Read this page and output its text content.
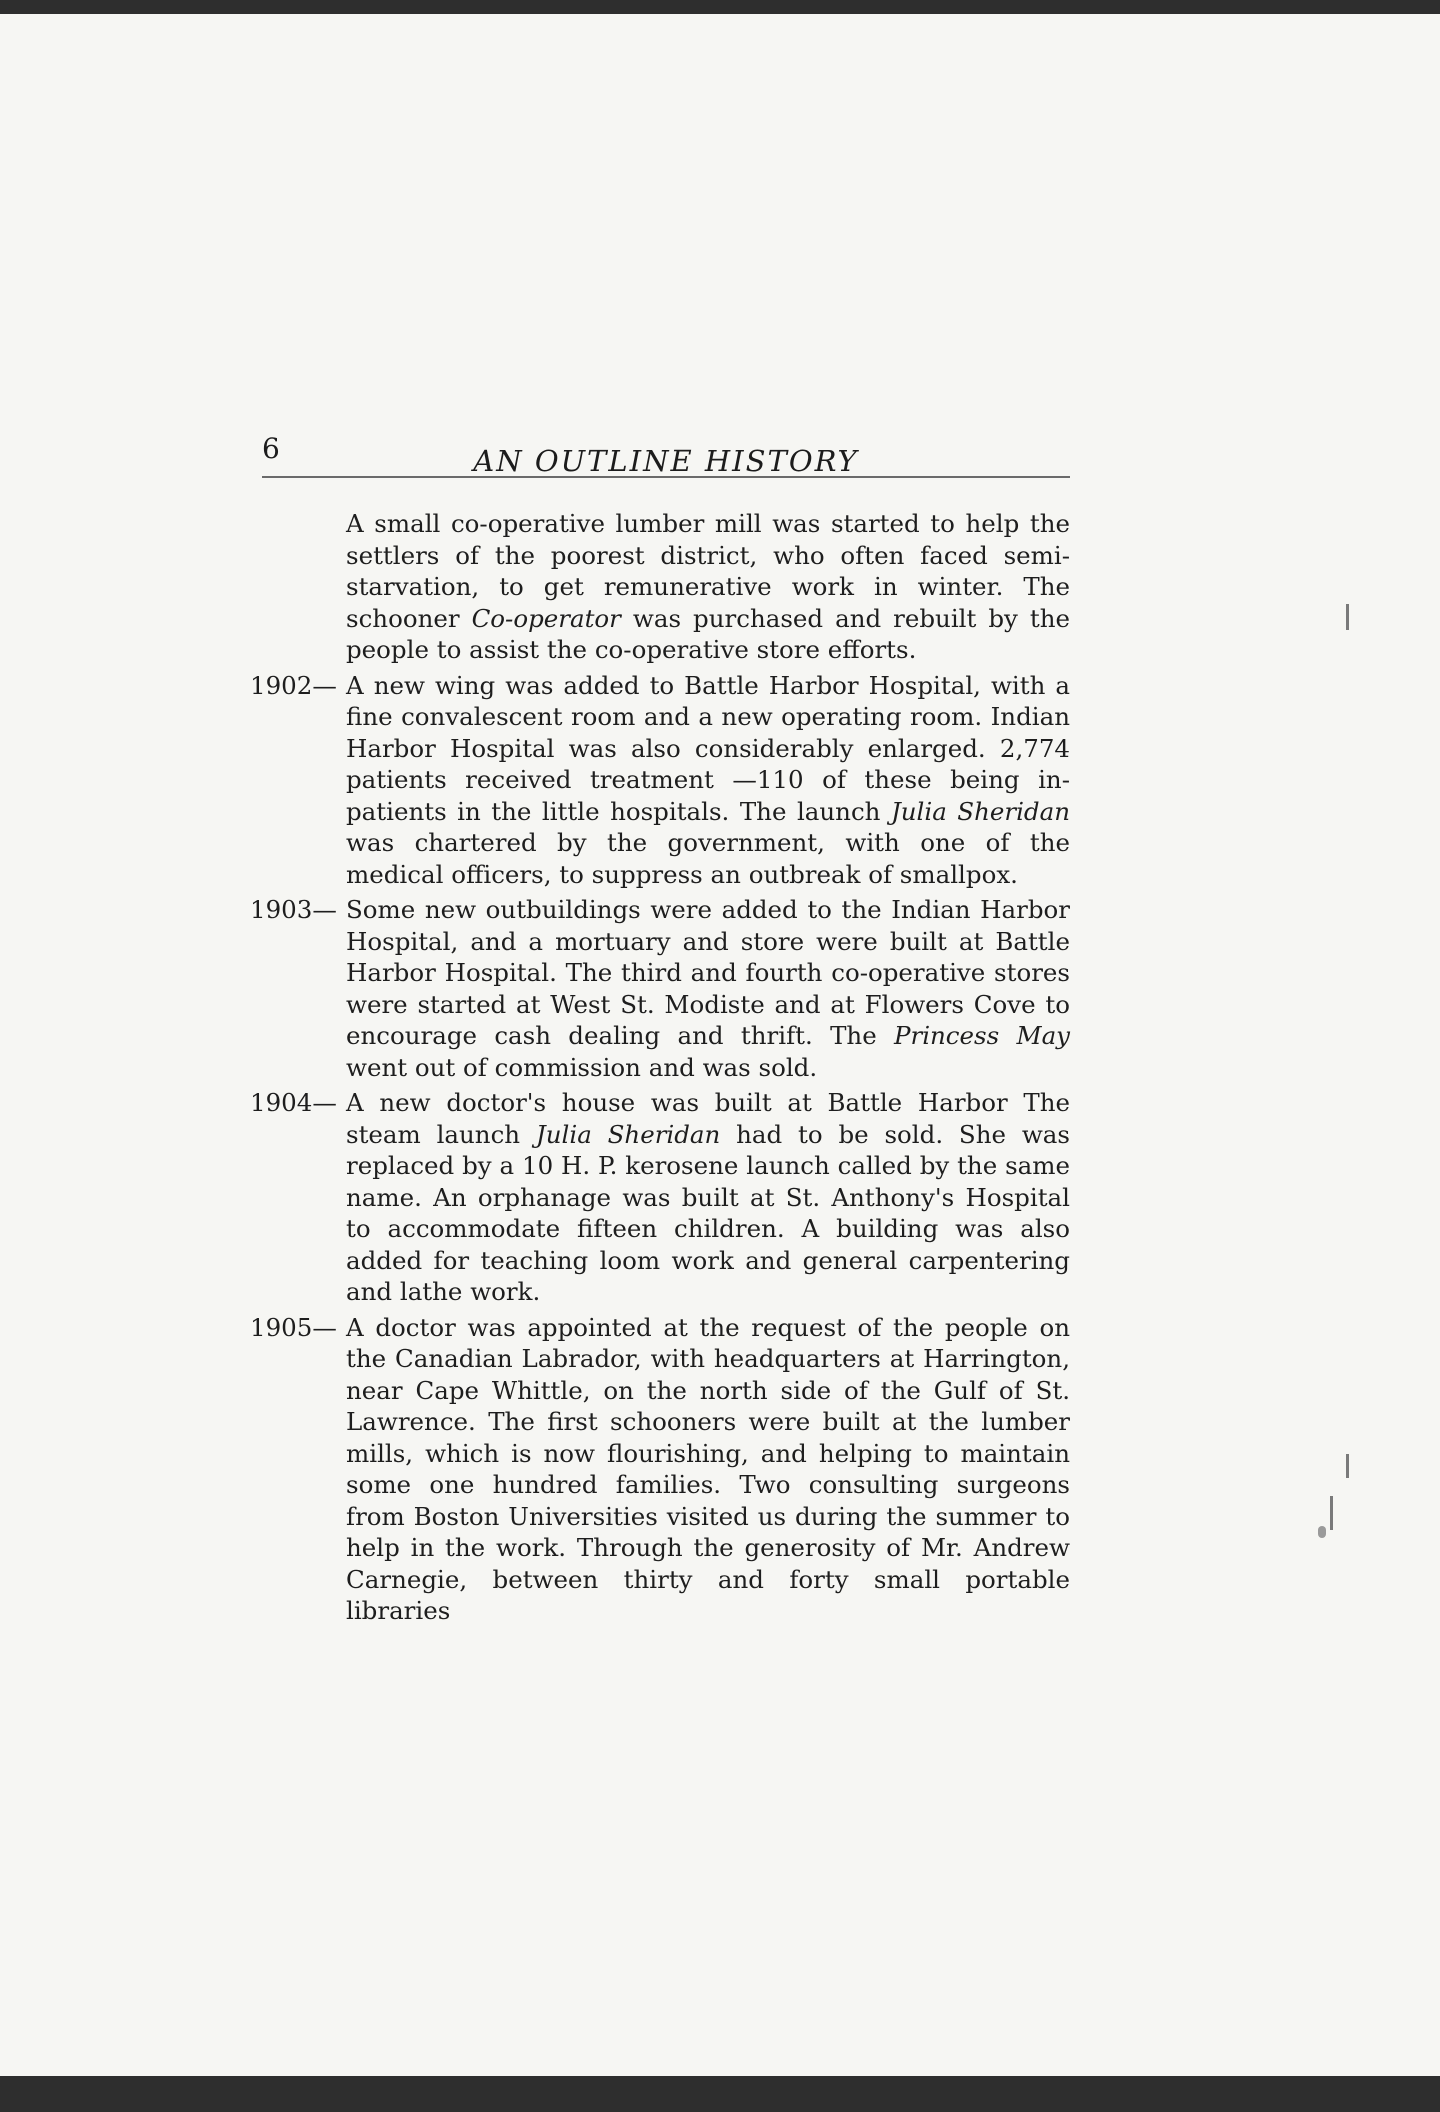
6	AN OUTLINE HISTORY

A small co-operative lumber mill was started to help the settlers of the poorest district, who often faced semi-starvation, to get remunerative work in winter. The schooner Co-operator was purchased and rebuilt by the people to assist the co-operative store efforts.

1902— A new wing was added to Battle Harbor Hospital, with a fine convalescent room and a new operating room. Indian Harbor Hospital was also considerably enlarged. 2,774 patients received treatment —110 of these being in-patients in the little hospitals. The launch Julia Sheridan was chartered by the government, with one of the medical officers, to suppress an outbreak of smallpox.
1903— Some new outbuildings were added to the Indian Harbor Hospital, and a mortuary and store were built at Battle Harbor Hospital. The third and fourth co-operative stores were started at West St. Modiste and at Flowers Cove to encourage cash dealing and thrift. The Princess May went out of commission and was sold.
1904— A new doctor's house was built at Battle Harbor The steam launch Julia Sheridan had to be sold. She was replaced by a 10 H. P. kerosene launch called by the same name. An orphanage was built at St. Anthony's Hospital to accommodate fifteen children. A building was also added for teaching loom work and general carpentering and lathe work.
1905— A doctor was appointed at the request of the people on the Canadian Labrador, with headquarters at Harrington, near Cape Whittle, on the north side of the Gulf of St. Lawrence. The first schooners were built at the lumber mills, which is now flourishing, and helping to maintain some one hundred families. Two consulting surgeons from Boston Universities visited us during the summer to help in the work. Through the generosity of Mr. Andrew Carnegie, between thirty and forty small portable libraries
